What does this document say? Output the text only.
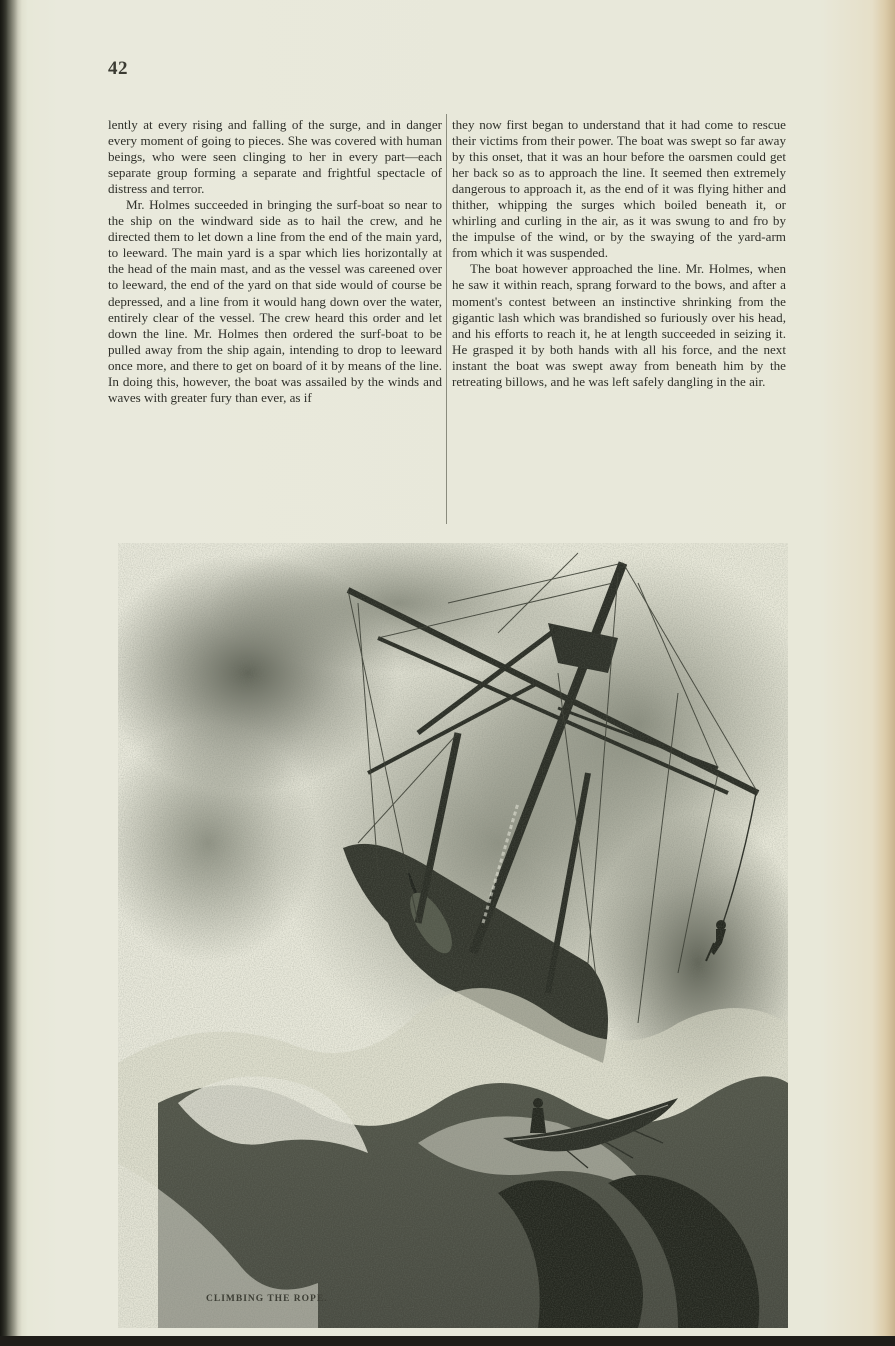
42

lently at every rising and falling of the surge, and in danger every moment of going to pieces. She was covered with human beings, who were seen clinging to her in every part—each separate group forming a separate and frightful spectacle of distress and terror.

Mr. Holmes succeeded in bringing the surf-boat so near to the ship on the windward side as to hail the crew, and he directed them to let down a line from the end of the main yard, to leeward. The main yard is a spar which lies horizontally at the head of the main mast, and as the vessel was careened over to leeward, the end of the yard on that side would of course be depressed, and a line from it would hang down over the water, entirely clear of the vessel. The crew heard this order and let down the line. Mr. Holmes then ordered the surf-boat to be pulled away from the ship again, intending to drop to leeward once more, and there to get on board of it by means of the line. In doing this, however, the boat was assailed by the winds and waves with greater fury than ever, as if

they now first began to understand that it had come to rescue their victims from their power. The boat was swept so far away by this onset, that it was an hour before the oarsmen could get her back so as to approach the line. It seemed then extremely dangerous to approach it, as the end of it was flying hither and thither, whipping the surges which boiled beneath it, or whirling and curling in the air, as it was swung to and fro by the impulse of the wind, or by the swaying of the yard-arm from which it was suspended.

The boat however approached the line. Mr. Holmes, when he saw it within reach, sprang forward to the bows, and after a moment's contest between an instinctive shrinking from the gigantic lash which was brandished so furiously over his head, and his efforts to reach it, he at length succeeded in seizing it. He grasped it by both hands with all his force, and the next instant the boat was swept away from beneath him by the retreating billows, and he was left safely dangling in the air.

CLIMBING THE ROPE.
